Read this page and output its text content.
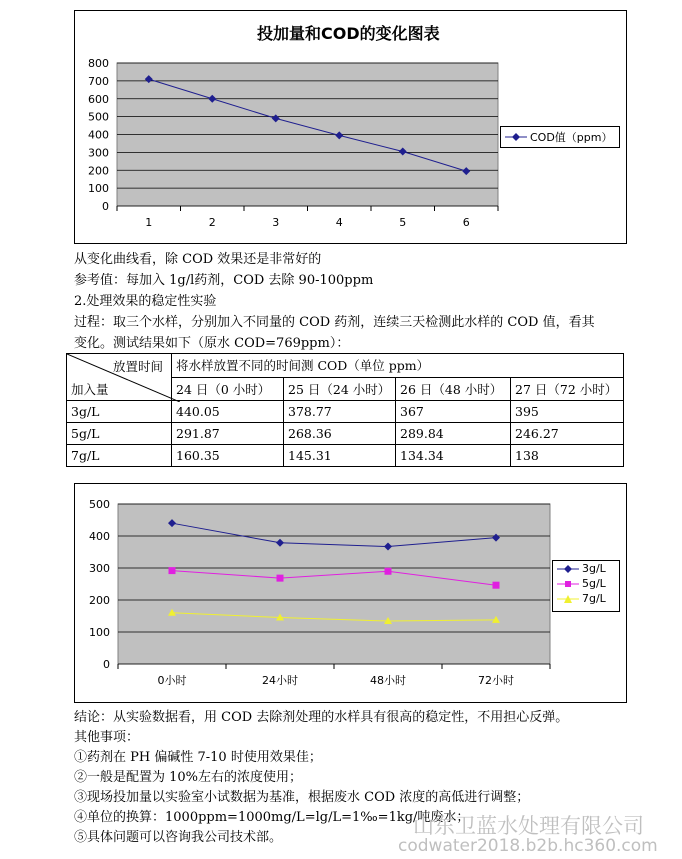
投加量和COD的变化图表
0
100
200
300
400
500
600
700
800
1	2	3	4	5	6
COD值（ppm）
从变化曲线看，除 COD 效果还是非常好的
参考值：每加入 1g/l药剂，COD 去除 90-100ppm
2.处理效果的稳定性实验
过程：取三个水样，分别加入不同量的 COD 药剂，连续三天检测此水样的 COD 值，看其
变化。测试结果如下（原水 COD=769ppm）：
放置时间
加入量	将水样放置不同的时间测 COD（单位 ppm）			
	24 日（0 小时）	25 日（24 小时）	26 日（48 小时）	27 日（72 小时）
3g/L	440.05	378.77	367	395
5g/L	291.87	268.36	289.84	246.27
7g/L	160.35	145.31	134.34	138
0
100
200
300
400
500
0小时	24小时	48小时	72小时
3g/L
5g/L
7g/L
结论：从实验数据看，用 COD 去除剂处理的水样具有很高的稳定性，不用担心反弹。
其他事项：
①药剂在 PH 偏碱性 7-10 时使用效果佳；
②一般是配置为 10%左右的浓度使用；
③现场投加量以实验室小试数据为基准，根据废水 COD 浓度的高低进行调整；
④单位的换算：1000ppm=1000mg/L=lg/L=1‰=1kg/吨废水；
⑤具体问题可以咨询我公司技术部。	山东卫蓝水处理有限公司
codwater2018.b2b.hc360.com
